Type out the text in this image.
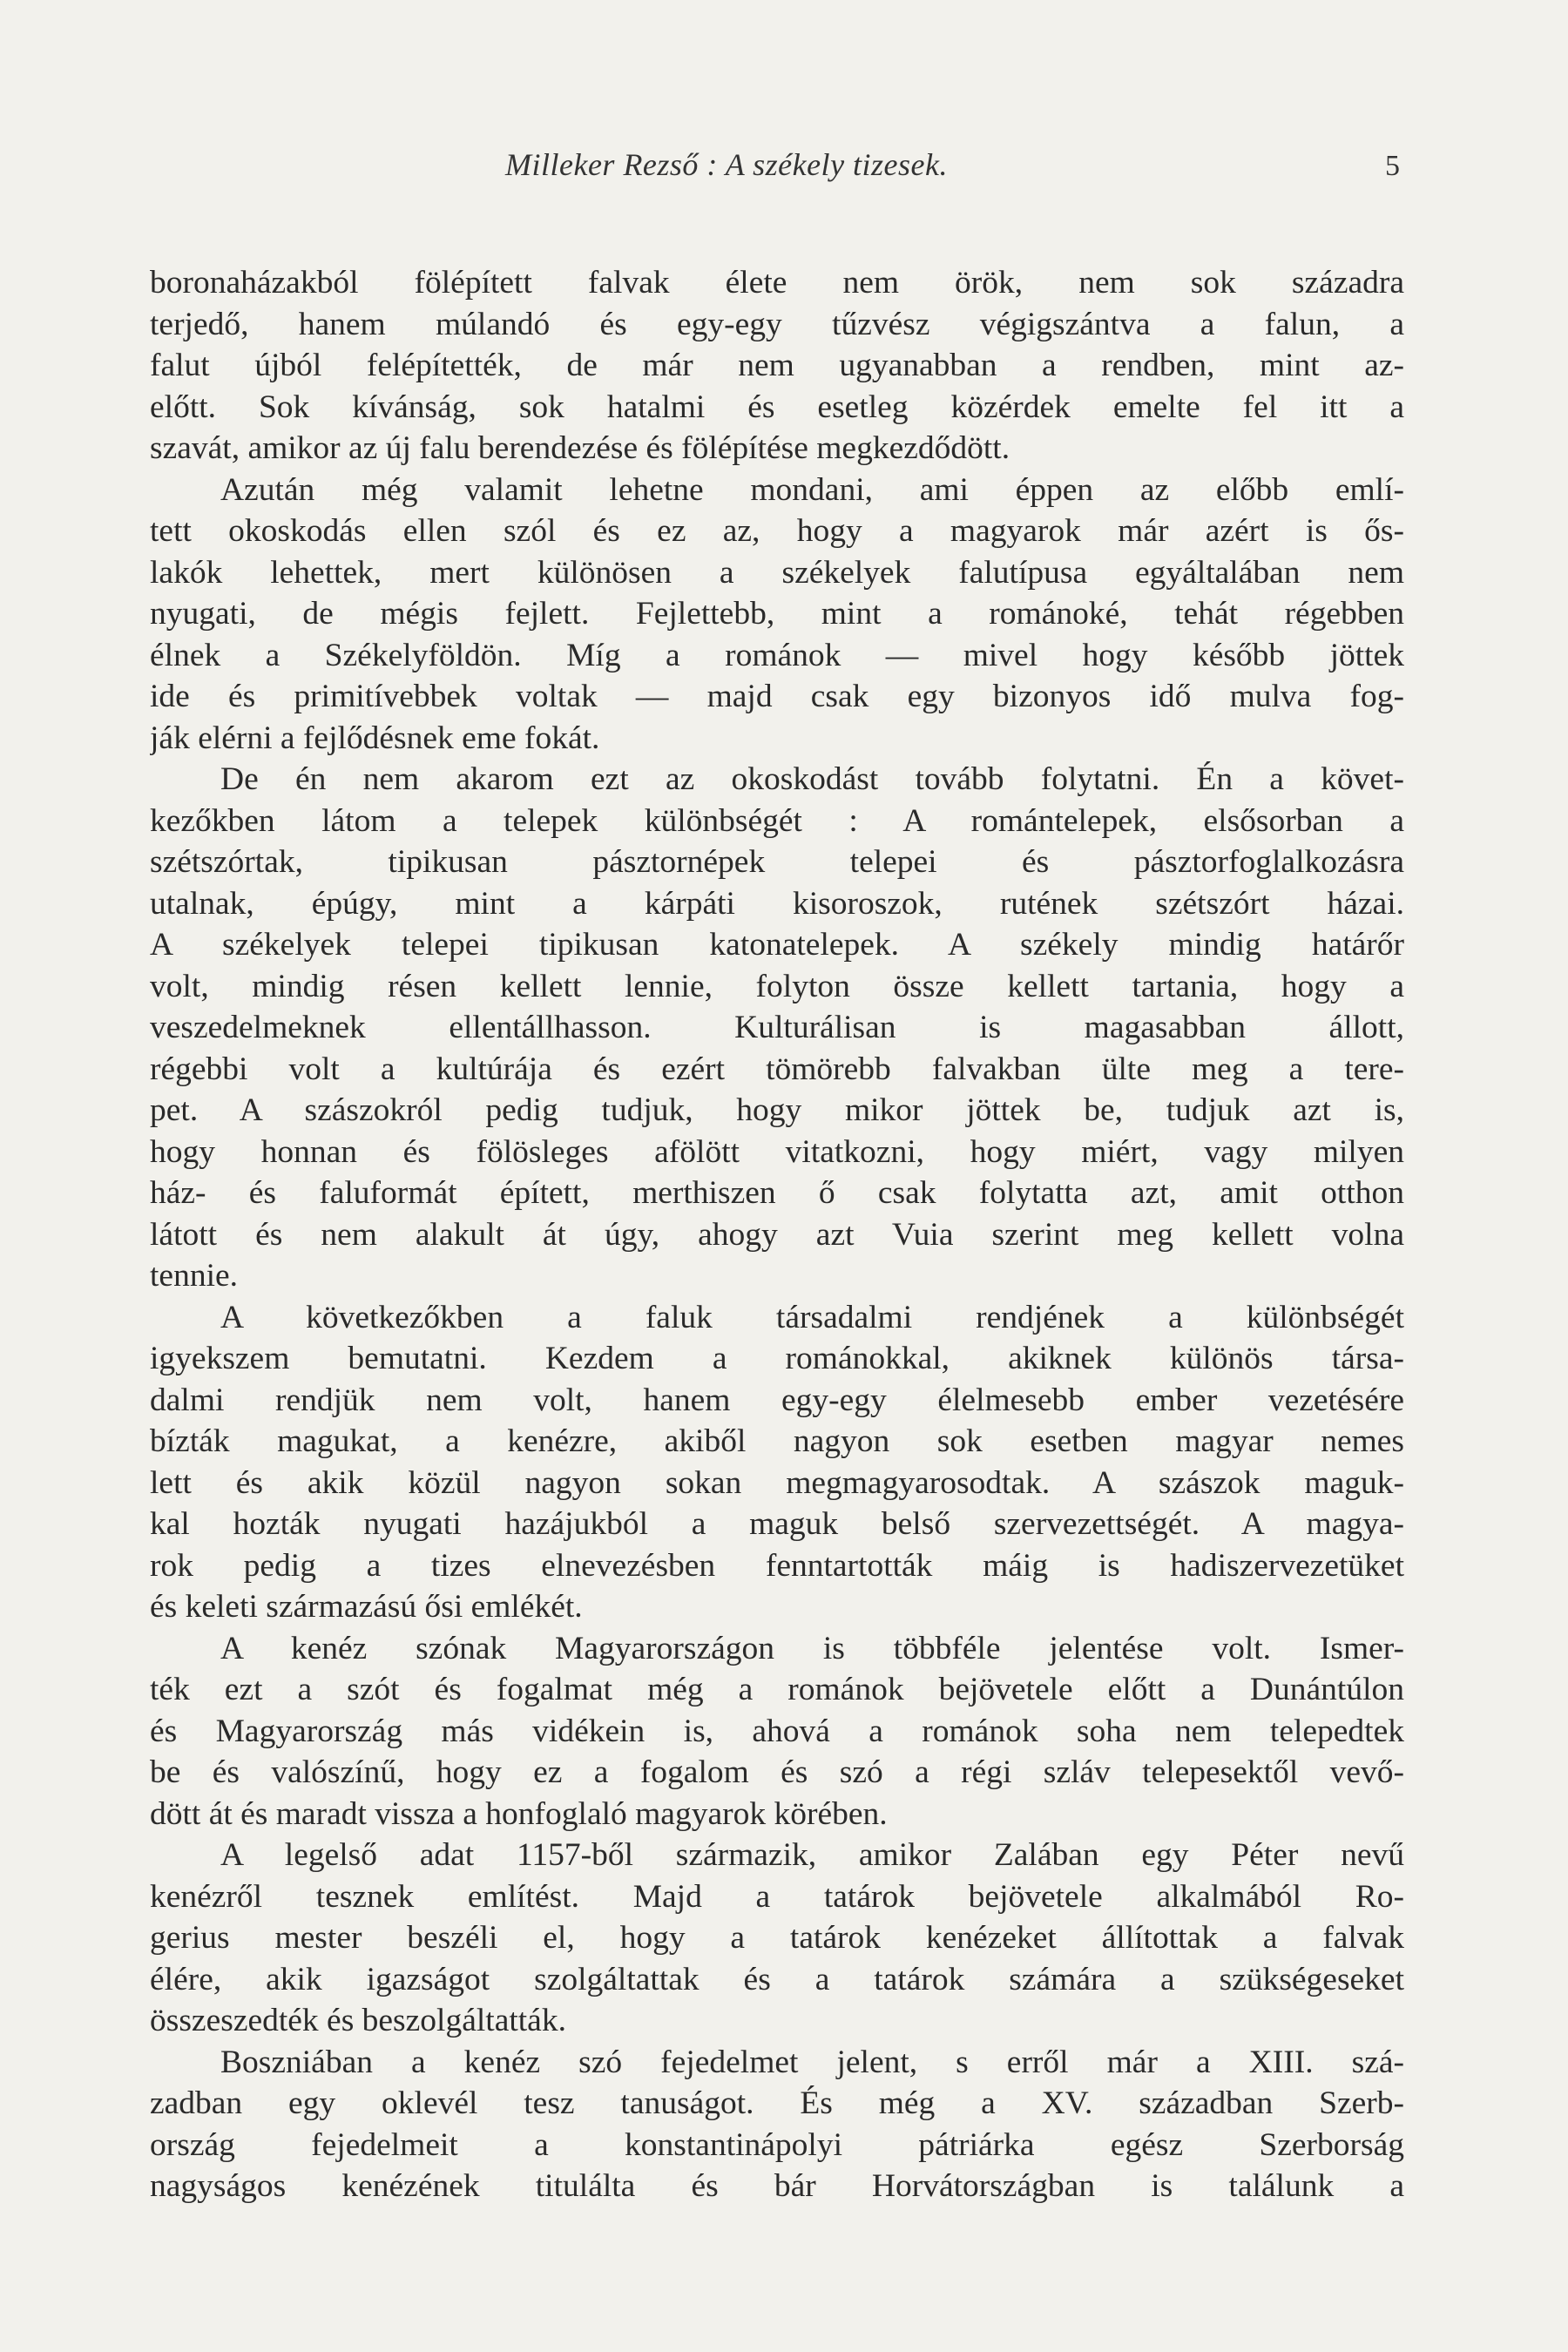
Milleker Rezső : A székely tizesek.	5
boronaházakból fölépített falvak élete nem örök, nem sok századra
terjedő, hanem múlandó és egy-egy tűzvész végigszántva a falun, a
falut újból felépítették, de már nem ugyanabban a rendben, mint az-
előtt. Sok kívánság, sok hatalmi és esetleg közérdek emelte fel itt a
szavát, amikor az új falu berendezése és fölépítése megkezdődött.
Azután még valamit lehetne mondani, ami éppen az előbb emlí-
tett okoskodás ellen szól és ez az, hogy a magyarok már azért is ős-
lakók lehettek, mert különösen a székelyek falutípusa egyáltalában nem
nyugati, de mégis fejlett. Fejlettebb, mint a románoké, tehát régebben
élnek a Székelyföldön. Míg a románok — mivel hogy később jöttek
ide és primitívebbek voltak — majd csak egy bizonyos idő mulva fog-
ják elérni a fejlődésnek eme fokát.
De én nem akarom ezt az okoskodást tovább folytatni. Én a követ-
kezőkben látom a telepek különbségét : A romántelepek, elsősorban a
szétszórtak, tipikusan pásztornépek telepei és pásztorfoglalkozásra
utalnak, épúgy, mint a kárpáti kisoroszok, rutének szétszórt házai.
A székelyek telepei tipikusan katonatelepek. A székely mindig határőr
volt, mindig résen kellett lennie, folyton össze kellett tartania, hogy a
veszedelmeknek ellentállhasson. Kulturálisan is magasabban állott,
régebbi volt a kultúrája és ezért tömörebb falvakban ülte meg a tere-
pet. A szászokról pedig tudjuk, hogy mikor jöttek be, tudjuk azt is,
hogy honnan és fölösleges afölött vitatkozni, hogy miért, vagy milyen
ház- és faluformát épített, merthiszen ő csak folytatta azt, amit otthon
látott és nem alakult át úgy, ahogy azt Vuia szerint meg kellett volna
tennie.
A következőkben a faluk társadalmi rendjének a különbségét
igyekszem bemutatni. Kezdem a románokkal, akiknek különös társa-
dalmi rendjük nem volt, hanem egy-egy élelmesebb ember vezetésére
bízták magukat, a kenézre, akiből nagyon sok esetben magyar nemes
lett és akik közül nagyon sokan megmagyarosodtak. A szászok maguk-
kal hozták nyugati hazájukból a maguk belső szervezettségét. A magya-
rok pedig a tizes elnevezésben fenntartották máig is hadiszervezetüket
és keleti származású ősi emlékét.
A kenéz szónak Magyarországon is többféle jelentése volt. Ismer-
ték ezt a szót és fogalmat még a románok bejövetele előtt a Dunántúlon
és Magyarország más vidékein is, ahová a románok soha nem telepedtek
be és valószínű, hogy ez a fogalom és szó a régi szláv telepesektől vevő-
dött át és maradt vissza a honfoglaló magyarok körében.
A legelső adat 1157-ből származik, amikor Zalában egy Péter nevű
kenézről tesznek említést. Majd a tatárok bejövetele alkalmából Ro-
gerius mester beszéli el, hogy a tatárok kenézeket állítottak a falvak
élére, akik igazságot szolgáltattak és a tatárok számára a szükségeseket
összeszedték és beszolgáltatták.
Boszniában a kenéz szó fejedelmet jelent, s erről már a XIII. szá-
zadban egy oklevél tesz tanuságot. És még a XV. században Szerb-
ország fejedelmeit a konstantinápolyi pátriárka egész Szerborság
nagyságos kenézének titulálta és bár Horvátországban is találunk a
